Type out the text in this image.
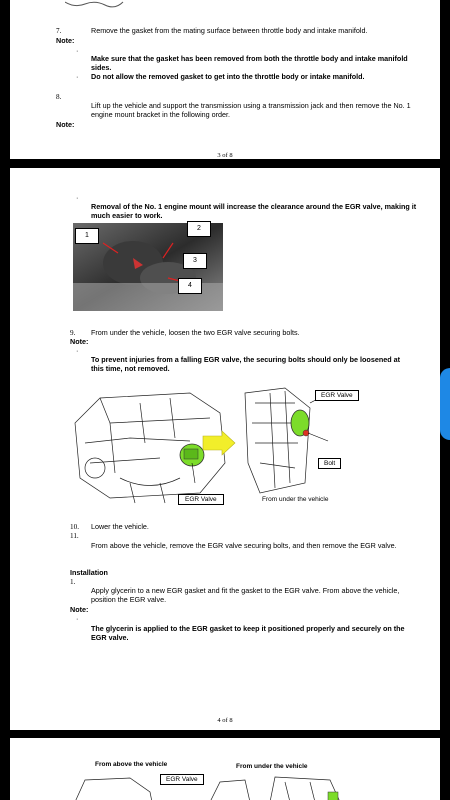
7.	Remove the gasket from the mating surface between throttle body and intake manifold.
Note:
·
Make sure that the gasket has been removed from both the throttle body and intake manifold sides.
· Do not allow the removed gasket to get into the throttle body or intake manifold.
8.
Lift up the vehicle and support the transmission using a transmission jack and then remove the No. 1 engine mount bracket in the following order.
Note:
3 of 8
·
Removal of the No. 1 engine mount will increase the clearance around the EGR valve, making it much easier to work.
1
2
3
4
9. From under the vehicle, loosen the two EGR valve securing bolts.
Note:
·
To prevent injuries from a falling EGR valve, the securing bolts should only be loosened at this time, not removed.
EGR Valve
Bolt
EGR Valve	From under the vehicle
10. Lower the vehicle.
11.
From above the vehicle, remove the EGR valve securing bolts, and then remove the EGR valve.
Installation
1.
Apply glycerin to a new EGR gasket and fit the gasket to the EGR valve. From above the vehicle, position the EGR valve.
Note:
·
The glycerin is applied to the EGR gasket to keep it positioned properly and securely on the EGR valve.
4 of 8
From above the vehicle	From under the vehicle
EGR Valve
